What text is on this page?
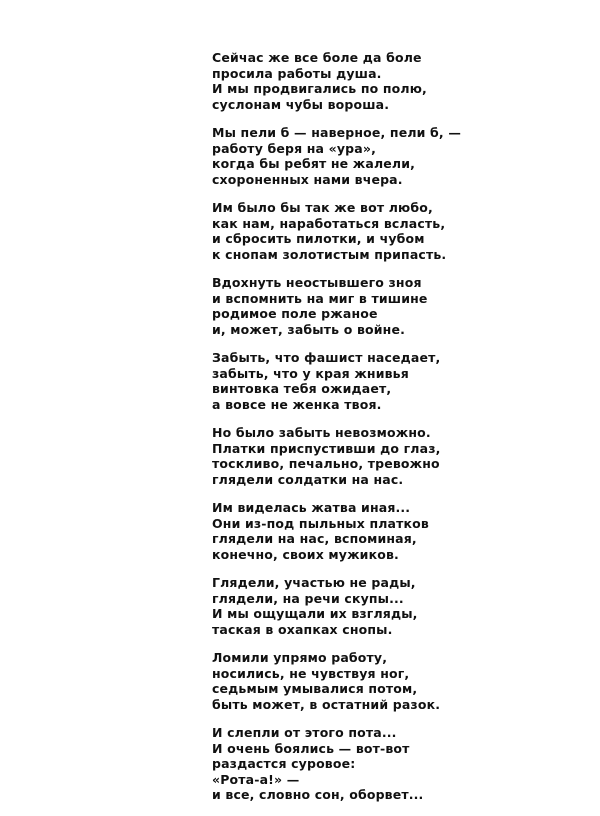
Сейчас же все боле да боле
просила работы душа.
И мы продвигались по полю,
суслонам чубы вороша.
Мы пели б — наверное, пели б, —
работу беря на «ура»,
когда бы ребят не жалели,
схороненных нами вчера.
Им было бы так же вот любо,
как нам, наработаться всласть,
и сбросить пилотки, и чубом
к снопам золотистым припасть.
Вдохнуть неостывшего зноя
и вспомнить на миг в тишине
родимое поле ржаное
и, может, забыть о войне.
Забыть, что фашист наседает,
забыть, что у края жнивья
винтовка тебя ожидает,
а вовсе не женка твоя.
Но было забыть невозможно.
Платки приспустивши до глаз,
тоскливо, печально, тревожно
глядели солдатки на нас.
Им виделась жатва иная...
Они из-под пыльных платков
глядели на нас, вспоминая,
конечно, своих мужиков.
Глядели, участью не рады,
глядели, на речи скупы...
И мы ощущали их взгляды,
таская в охапках снопы.
Ломили упрямо работу,
носились, не чувствуя ног,
седьмым умывалися потом,
быть может, в остатний разок.
И слепли от этого пота...
И очень боялись — вот-вот
раздастся суровое:
«Рота-а!» —
и все, словно сон, оборвет...
